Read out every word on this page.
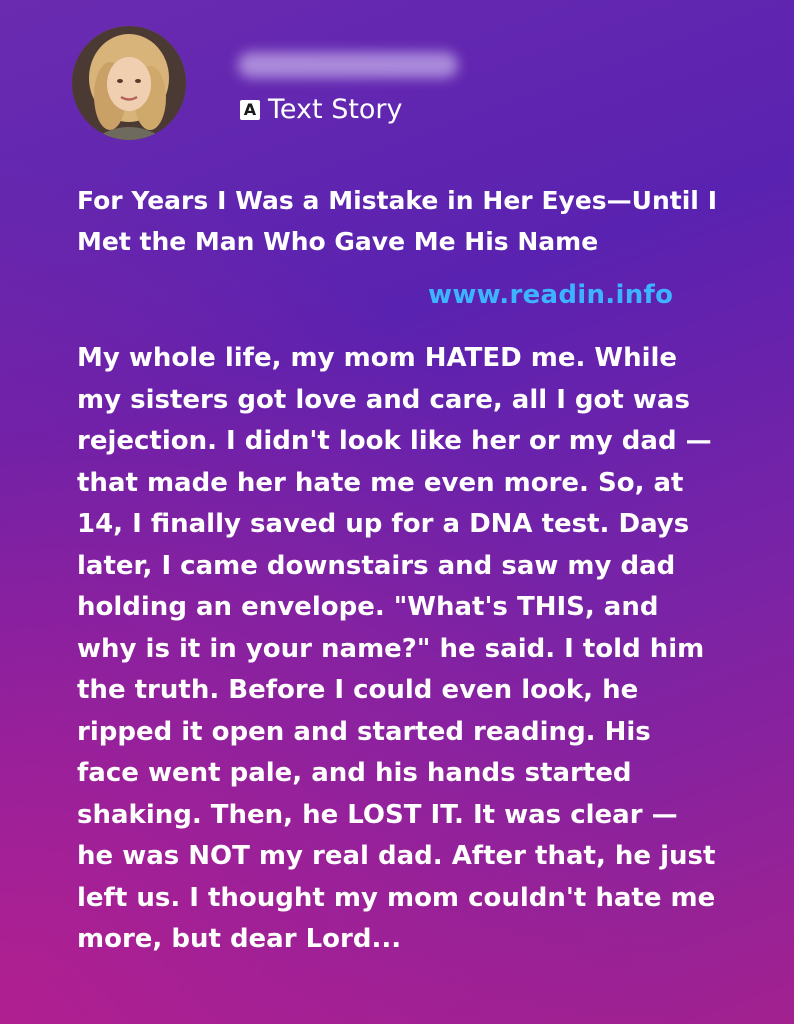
A Text Story
For Years I Was a Mistake in Her Eyes—Until I Met the Man Who Gave Me His Name
www.readin.info

My whole life, my mom HATED me. While my sisters got love and care, all I got was rejection. I didn't look like her or my dad — that made her hate me even more. So, at 14, I finally saved up for a DNA test. Days later, I came downstairs and saw my dad holding an envelope. "What's THIS, and why is it in your name?" he said. I told him the truth. Before I could even look, he ripped it open and started reading. His face went pale, and his hands started shaking. Then, he LOST IT. It was clear — he was NOT my real dad. After that, he just left us. I thought my mom couldn't hate me more, but dear Lord...
